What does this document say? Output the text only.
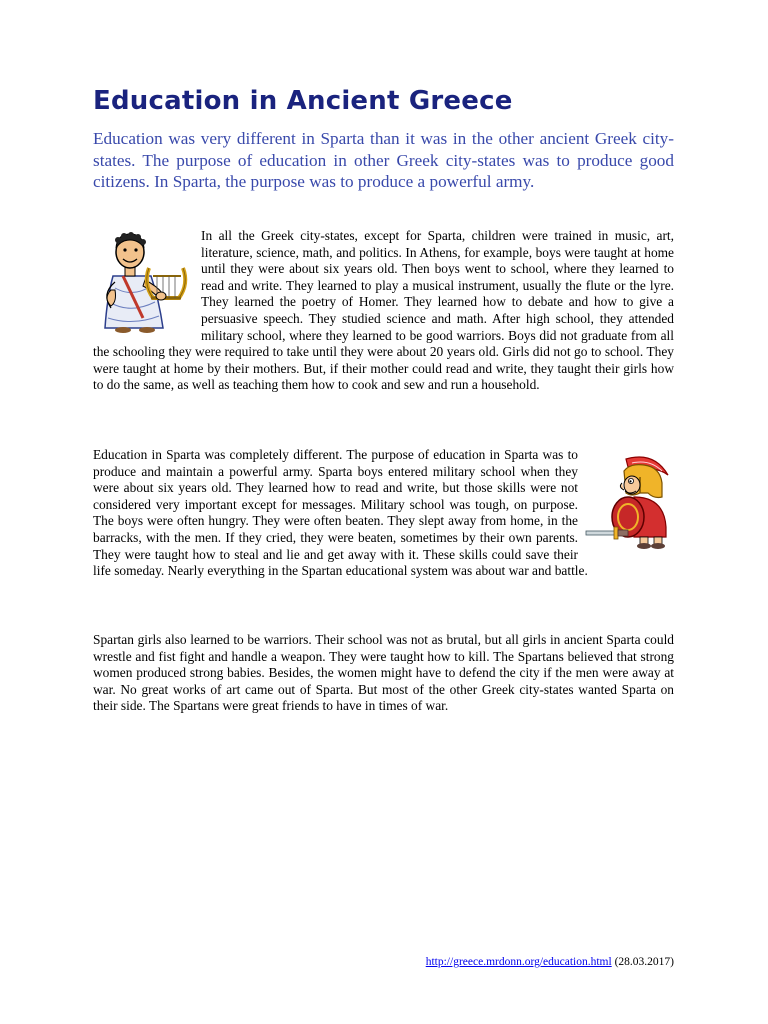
Education in Ancient Greece

Education was very different in Sparta than it was in the other ancient Greek city-states. The purpose of education in other Greek city-states was to produce good citizens. In Sparta, the purpose was to produce a powerful army.

In all the Greek city-states, except for Sparta, children were trained in music, art, literature, science, math, and politics. In Athens, for example, boys were taught at home until they were about six years old. Then boys went to school, where they learned to read and write. They learned to play a musical instrument, usually the flute or the lyre. They learned the poetry of Homer. They learned how to debate and how to give a persuasive speech. They studied science and math. After high school, they attended military school, where they learned to be good warriors. Boys did not graduate from all the schooling they were required to take until they were about 20 years old. Girls did not go to school. They were taught at home by their mothers. But, if their mother could read and write, they taught their girls how to do the same, as well as teaching them how to cook and sew and run a household.
Education in Sparta was completely different. The purpose of education in Sparta was to produce and maintain a powerful army. Sparta boys entered military school when they were about six years old. They learned how to read and write, but those skills were not considered very important except for messages. Military school was tough, on purpose. The boys were often hungry. They were often beaten. They slept away from home, in the barracks, with the men. If they cried, they were beaten, sometimes by their own parents. They were taught how to steal and lie and get away with it. These skills could save their life someday. Nearly everything in the Spartan educational system was about war and battle.

Spartan girls also learned to be warriors. Their school was not as brutal, but all girls in ancient Sparta could wrestle and fist fight and handle a weapon. They were taught how to kill. The Spartans believed that strong women produced strong babies. Besides, the women might have to defend the city if the men were away at war. No great works of art came out of Sparta. But most of the other Greek city-states wanted Sparta on their side. The Spartans were great friends to have in times of war.

http://greece.mrdonn.org/education.html (28.03.2017)
